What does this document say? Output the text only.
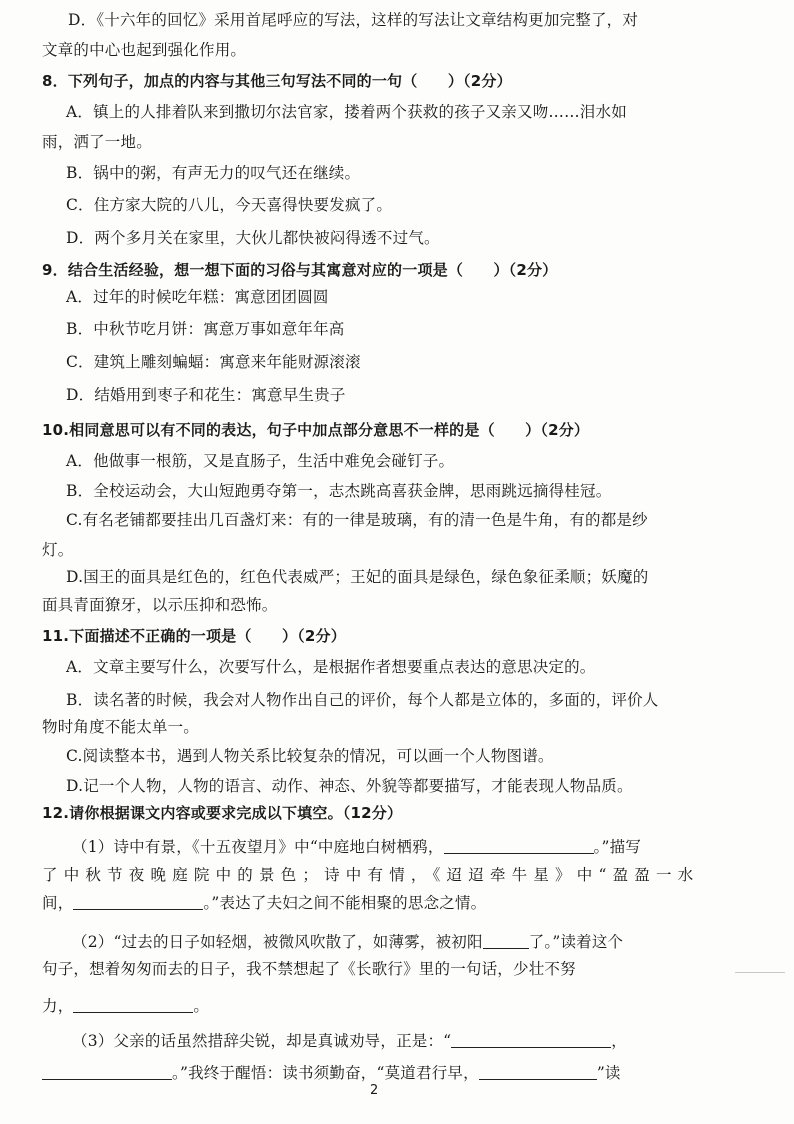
D．《十六年的回忆》采用首尾呼应的写法，这样的写法让文章结构更加完整了，对
文章的中心也起到强化作用。
8．下列句子，加点的内容与其他三句写法不同的一句（　　）（2分）
A．镇上的人排着队来到撒切尔法官家，搂着两个获救的孩子又亲又吻……泪水如
雨，洒了一地。
B．锅中的粥，有声无力的叹气还在继续。
C．住方家大院的八儿，今天喜得快要发疯了。
D．两个多月关在家里，大伙儿都快被闷得透不过气。
9．结合生活经验，想一想下面的习俗与其寓意对应的一项是（　　）（2分）
A．过年的时候吃年糕：寓意团团圆圆
B．中秋节吃月饼：寓意万事如意年年高
C．建筑上雕刻蝙蝠：寓意来年能财源滚滚
D．结婚用到枣子和花生：寓意早生贵子
10.相同意思可以有不同的表达，句子中加点部分意思不一样的是（　　）（2分）
A．他做事一根筋，又是直肠子，生活中难免会碰钉子。
B．全校运动会，大山短跑勇夺第一，志杰跳高喜获金牌，思雨跳远摘得桂冠。
C.有名老铺都要挂出几百盏灯来：有的一律是玻璃，有的清一色是牛角，有的都是纱
灯。
D.国王的面具是红色的，红色代表威严；王妃的面具是绿色，绿色象征柔顺；妖魔的
面具青面獠牙，以示压抑和恐怖。
11.下面描述不正确的一项是（　　）（2分）
A．文章主要写什么，次要写什么，是根据作者想要重点表达的意思决定的。
B．读名著的时候，我会对人物作出自己的评价，每个人都是立体的，多面的，评价人
物时角度不能太单一。
C.阅读整本书，遇到人物关系比较复杂的情况，可以画一个人物图谱。
D.记一个人物，人物的语言、动作、神态、外貌等都要描写，才能表现人物品质。
12.请你根据课文内容或要求完成以下填空。（12分）
（1）诗中有景，《十五夜望月》中“中庭地白树栖鸦，	。”描写
了中秋节夜晚庭院中的景色；诗中有情，《迢迢牵牛星》中“盈盈一水
间，	。”表达了夫妇之间不能相聚的思念之情。
（2）“过去的日子如轻烟，被微风吹散了，如薄雾，被初阳	了。”读着这个
句子，想着匆匆而去的日子，我不禁想起了《长歌行》里的一句话，少壮不努
力，	。
（3）父亲的话虽然措辞尖锐，却是真诚劝导，正是：“	，
。”我终于醒悟：读书须勤奋，“莫道君行早，	”读
2
